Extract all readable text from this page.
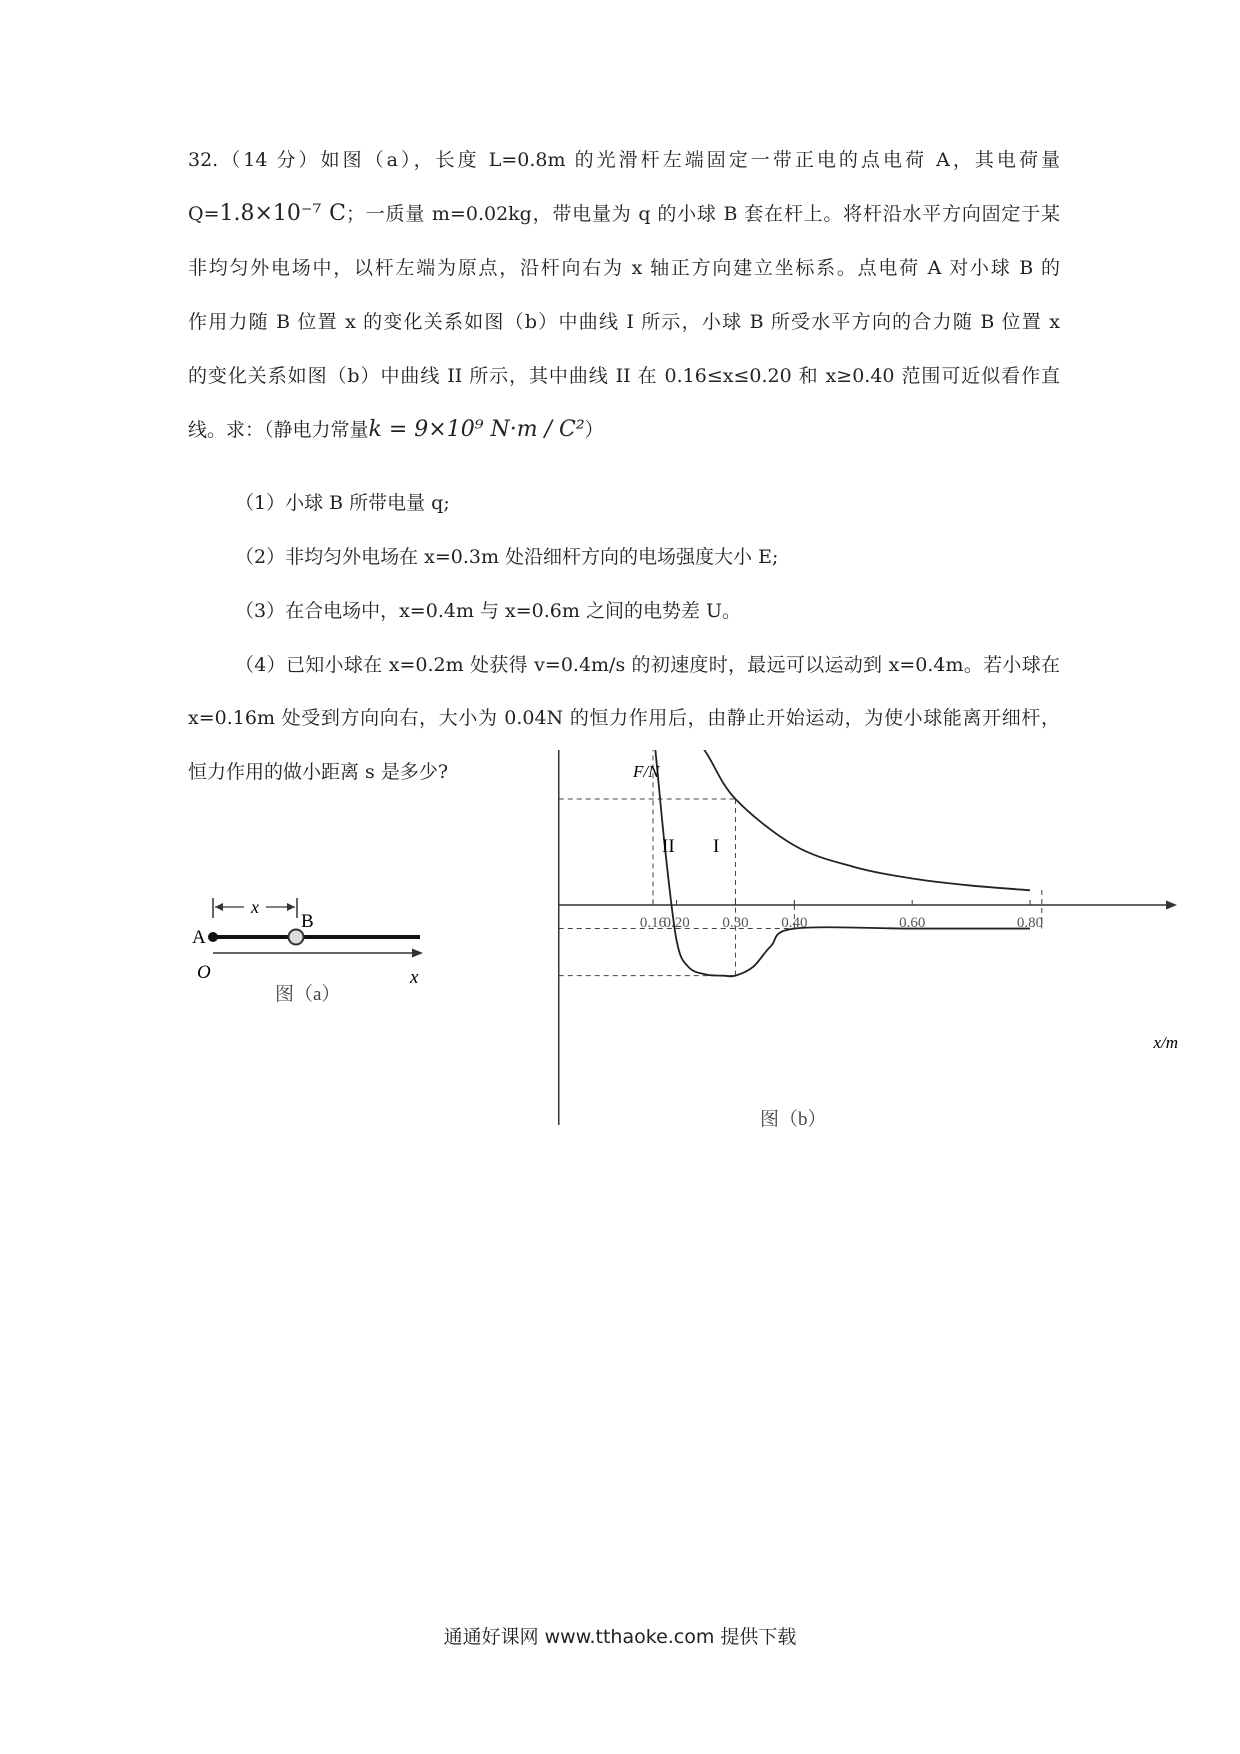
32.（14 分）如图（a），长度 L=0.8m 的光滑杆左端固定一带正电的点电荷 A，其电荷量
Q=1.8×10⁻⁷ C；一质量 m=0.02kg，带电量为 q 的小球 B 套在杆上。将杆沿水平方向固定于某
非均匀外电场中，以杆左端为原点，沿杆向右为 x 轴正方向建立坐标系。点电荷 A 对小球 B 的
作用力随 B 位置 x 的变化关系如图（b）中曲线 I 所示，小球 B 所受水平方向的合力随 B 位置 x
的变化关系如图（b）中曲线 II 所示，其中曲线 II 在 0.16≤x≤0.20 和 x≥0.40 范围可近似看作直
线。求：（静电力常量k = 9×10⁹ N·m / C²）

（1）小球 B 所带电量 q;
（2）非均匀外电场在 x=0.3m 处沿细杆方向的电场强度大小 E;
（3）在合电场中，x=0.4m 与 x=0.6m 之间的电势差 U。
（4）已知小球在 x=0.2m 处获得 v=0.4m/s 的初速度时，最远可以运动到 x=0.4m。若小球在
x=0.16m 处受到方向向右，大小为 0.04N 的恒力作用后，由静止开始运动，为使小球能离开细杆，
恒力作用的做小距离 s 是多少?
x
B
A
O	x
图（a）
0.16
0.20 0.30 0.40	0.60	0.80
F/N
x/m
II I
图（b）
通通好课网 www.tthaoke.com 提供下载
